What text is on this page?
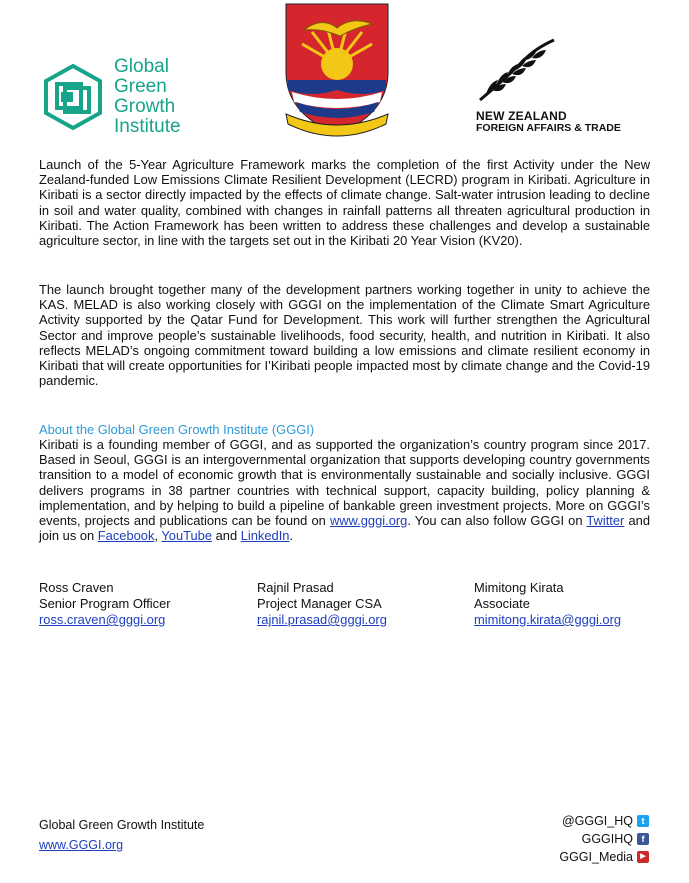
Global
Green Growth
Institute	NEW ZEALAND
FOREIGN AFFAIRS & TRADE

Launch of the 5-Year Agriculture Framework marks the completion of the first Activity under the New Zealand-funded Low Emissions Climate Resilient Development (LECRD) program in Kiribati. Agriculture in Kiribati is a sector directly impacted by the effects of climate change. Salt-water intrusion leading to decline in soil and water quality, combined with changes in rainfall patterns all threaten agricultural production in Kiribati. The Action Framework has been written to address these challenges and develop a sustainable agriculture sector, in line with the targets set out in the Kiribati 20 Year Vision (KV20).

The launch brought together many of the development partners working together in unity to achieve the KAS. MELAD is also working closely with GGGI on the implementation of the Climate Smart Agriculture Activity supported by the Qatar Fund for Development. This work will further strengthen the Agricultural Sector and improve people’s sustainable livelihoods, food security, health, and nutrition in Kiribati. It also reflects MELAD’s ongoing commitment toward building a low emissions and climate resilient economy in Kiribati that will create opportunities for I’Kiribati people impacted most by climate change and the Covid-19 pandemic.

About the Global Green Growth Institute (GGGI)

Kiribati is a founding member of GGGI, and as supported the organization’s country program since 2017. Based in Seoul, GGGI is an intergovernmental organization that supports developing country governments transition to a model of economic growth that is environmentally sustainable and socially inclusive. GGGI delivers programs in 38 partner countries with technical support, capacity building, policy planning & implementation, and by helping to build a pipeline of bankable green investment projects. More on GGGI’s events, projects and publications can be found on www.gggi.org. You can also follow GGGI on Twitter and join us on Facebook, YouTube and LinkedIn.

Ross Craven
Senior Program Officer
ross.craven@gggi.org
Rajnil Prasad
Project Manager CSA
rajnil.prasad@gggi.org
Mimitong Kirata
Associate
mimitong.kirata@gggi.org
Global Green Growth Institute
www.GGGI.org
@GGGI_HQ t
GGGIHQ f
GGGI_Media	▶
